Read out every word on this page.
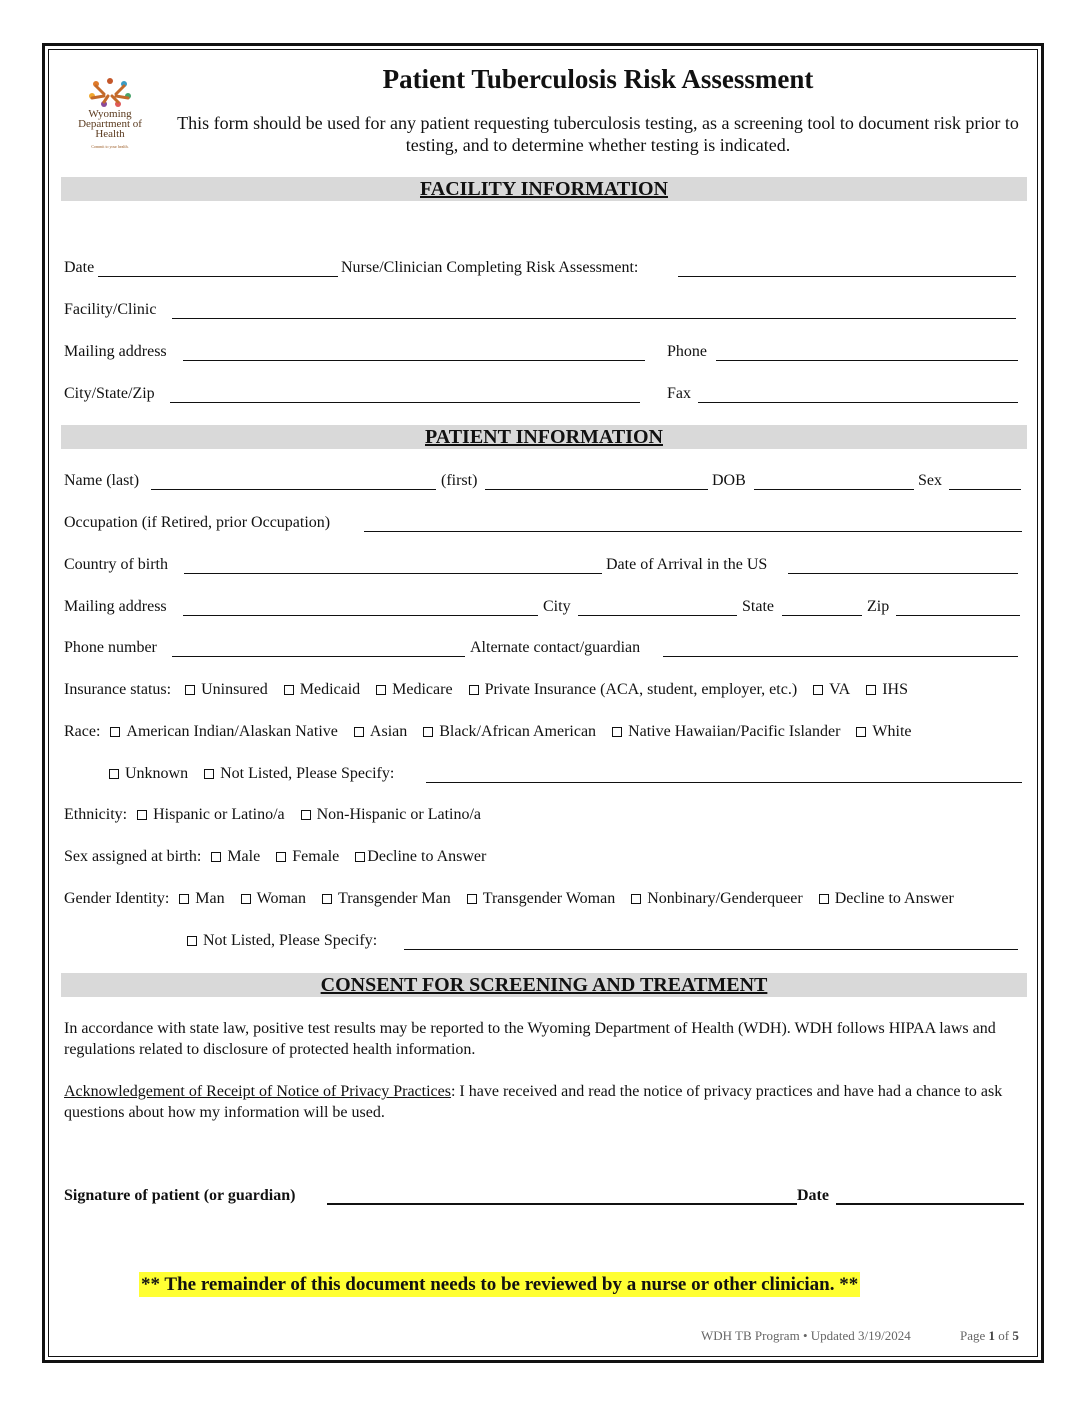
Wyoming Department of Health
Commit to your health.
Patient Tuberculosis Risk Assessment
This form should be used for any patient requesting tuberculosis testing, as a screening tool to document risk prior to testing, and to determine whether testing is indicated.
FACILITY INFORMATION
Date	Nurse/Clinician Completing Risk Assessment:
Facility/Clinic
Mailing address	Phone
City/State/Zip	Fax
PATIENT INFORMATION
Name (last)	(first)	DOB	Sex
Occupation (if Retired, prior Occupation)
Country of birth	Date of Arrival in the US
Mailing address	City	State	Zip
Phone number	Alternate contact/guardian
Insurance status: Uninsured Medicaid Medicare Private Insurance (ACA, student, employer, etc.) VA IHS
Race: American Indian/Alaskan Native Asian Black/African American Native Hawaiian/Pacific Islander White
Unknown Not Listed, Please Specify:
Ethnicity: Hispanic or Latino/a Non-Hispanic or Latino/a
Sex assigned at birth: Male Female Decline to Answer
Gender Identity: Man Woman Transgender Man Transgender Woman Nonbinary/Genderqueer Decline to Answer
Not Listed, Please Specify:
CONSENT FOR SCREENING AND TREATMENT
In accordance with state law, positive test results may be reported to the Wyoming Department of Health (WDH). WDH follows HIPAA laws and regulations related to disclosure of protected health information.
Acknowledgement of Receipt of Notice of Privacy Practices: I have received and read the notice of privacy practices and have had a chance to ask questions about how my information will be used.
Signature of patient (or guardian)	Date
** The remainder of this document needs to be reviewed by a nurse or other clinician. **
WDH TB Program • Updated 3/19/2024	Page 1 of 5
